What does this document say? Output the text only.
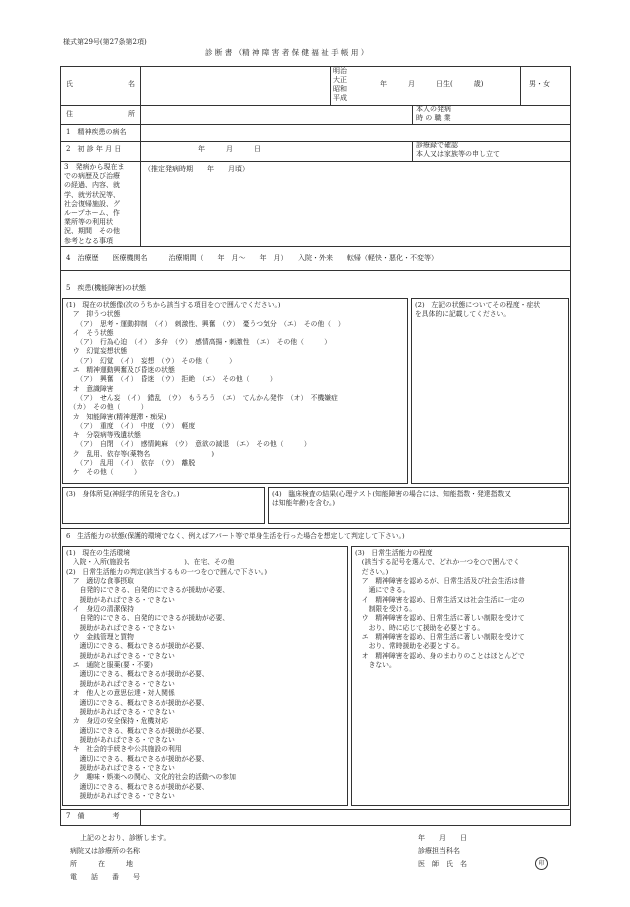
様式第29号(第27条第2項)
診 断 書 （精 神 障 害 者 保 健 福 祉 手 帳 用 ）
氏	名
明治
大正
昭和
平成
年　　　月　　　日生(　　　歳)	男・女
住	所
本人の発病
時 の 職 業
1　精神疾患の病名
2　初 診 年 月 日	年　　　月　　　日	診療録で確認
本人又は家族等の申し立て
3　発病から現在ま
での病歴及び治療
の経過、内容、就
学、就労状況等、
社会復帰施設、グ
ループホーム、作
業所等の利用状
況、期間　その他
参考となる事項
（推定発病時期　　年　　月頃）
4　治療歴　　医療機関名　　　治療期間（　　年　月～　　年　月）　　入院・外来　　転帰（軽快・悪化・不変等）
5　疾患(機能障害)の状態
(1)　現在の状態像(次のうちから該当する項目を○で囲んでください。)
　ア　抑うつ状態
　　（ア）　思考・運動抑制　（イ）　刺激性、興奮　（ウ）　憂うつ気分　（エ）　その他（　）
　イ　そう状態
　　（ア）　行為心迫　（イ）　多弁　（ウ）　感情高揚・刺激性　（エ）　その他（　　　）
　ウ　幻覚妄想状態
　　（ア）　幻覚　（イ）　妄想　（ウ）　その他（　　　）
　エ　精神運動興奮及び昏迷の状態
　　（ア）　興奮　（イ）　昏迷　（ウ）　拒絶　（エ）　その他（　　　）
　オ　意識障害
　　（ア）　せん妄　（イ）　錯乱　（ウ）　もうろう　（エ）　てんかん発作　（オ）　不機嫌症
　（カ）　その他（　　　）
　カ　知能障害(精神遅滞・痴呆)
　　（ア）　重度　（イ）　中度　（ウ）　軽度
　キ　分裂病等残遺状態
　　（ア）　自閉　（イ）　感情鈍麻　（ウ）　意欲の減退　（エ）　その他（　　　）
　ク　乱用、依存等(薬物名　　　　　　　　　)
　　（ア）　乱用　（イ）　依存　（ウ）　離脱
　ケ　その他（　　　）
(2)　左記の状態についてその程度・症状
を具体的に記載してください。
(3)　身体所見(神経学的所見を含む。)	(4)　臨床検査の結果(心理テスト(知能障害の場合には、知能指数・発達指数又
は知能年齢)を含む。)
6　生活能力の状態(保護的環境でなく、例えばアパート等で単身生活を行った場合を想定して判定して下さい。)
(1)　現在の生活環境
　入院・入所(施設名　　　　　　　　)、在宅、その他
(2)　日常生活能力の判定(該当するもの一つを○で囲んで下さい。)
　ア　適切な食事摂取
　　自発的にできる、自発的にできるが援助が必要、
　　援助があればできる・できない
　イ　身辺の清潔保持
　　自発的にできる、自発的にできるが援助が必要、
　　援助があればできる・できない
　ウ　金銭管理と買物
　　適切にできる、概ねできるが援助が必要、
　　援助があればできる・できない
　エ　通院と服薬(要・不要)
　　適切にできる、概ねできるが援助が必要、
　　援助があればできる・できない
　オ　他人との意思伝達・対人関係
　　適切にできる、概ねできるが援助が必要、
　　援助があればできる・できない
　カ　身辺の安全保持・危機対応
　　適切にできる、概ねできるが援助が必要、
　　援助があればできる・できない
　キ　社会的手続きや公共施設の利用
　　適切にできる、概ねできるが援助が必要、
　　援助があればできる・できない
　ク　趣味・娯楽への関心、文化的社会的活動への参加
　　適切にできる、概ねできるが援助が必要、
　　援助があればできる・できない
(3)　日常生活能力の程度
　(該当する記号を選んで、どれか一つを○で囲んでく
　ださい。)
　ア　精神障害を認めるが、日常生活及び社会生活は普
　　通にできる。
　イ　精神障害を認め、日常生活又は社会生活に一定の
　　制限を受ける。
　ウ　精神障害を認め、日常生活に著しい制限を受けて
　　おり、時に応じて援助を必要とする。
　エ　精神障害を認め、日常生活に著しい制限を受けて
　　おり、常時援助を必要とする。
　オ　精神障害を認め、身のまわりのことはほとんどで
　　きない。
7　備　　　　考
上記のとおり、診断します。	年　　月　　日
病院又は診療所の名称	診療担当科名
所　　　在　　　地	医　師　氏　名	印
電　　話　　番　　号
